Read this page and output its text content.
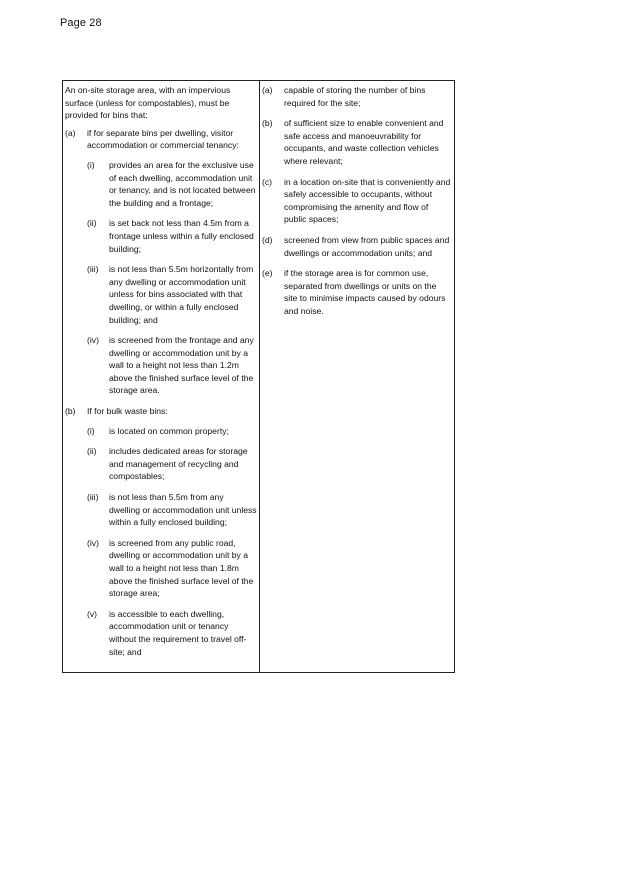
Page 28

An on-site storage area, with an impervious surface (unless for compostables), must be provided for bins that:

(a)	if for separate bins per dwelling, visitor accommodation or commercial tenancy:
(i)	provides an area for the exclusive use of each dwelling, accommodation unit or tenancy, and is not located between the building and a frontage;
(ii)	is set back not less than 4.5m from a frontage unless within a fully enclosed building;
(iii)	is not less than 5.5m horizontally from any dwelling or accommodation unit unless for bins associated with that dwelling, or within a fully enclosed building; and
(iv)	is screened from the frontage and any dwelling or accommodation unit by a wall to a height not less than 1.2m above the finished surface level of the storage area.
(b)	If for bulk waste bins:
(i)	is located on common property;
(ii)	includes dedicated areas for storage and management of recycling and compostables;
(iii)	is not less than 5.5m from any dwelling or accommodation unit unless within a fully enclosed building;
(iv)	is screened from any public road, dwelling or accommodation unit by a wall to a height not less than 1.8m above the finished surface level of the storage area;
(v)	is accessible to each dwelling, accommodation unit or tenancy without the requirement to travel off-site; and
(a)	capable of storing the number of bins required for the site;
(b)	of sufficient size to enable convenient and safe access and manoeuvrability for occupants, and waste collection vehicles where relevant;
(c)	in a location on-site that is conveniently and safely accessible to occupants, without compromising the amenity and flow of public spaces;
(d)	screened from view from public spaces and dwellings or accommodation units; and
(e)	if the storage area is for common use, separated from dwellings or units on the site to minimise impacts caused by odours and noise.
